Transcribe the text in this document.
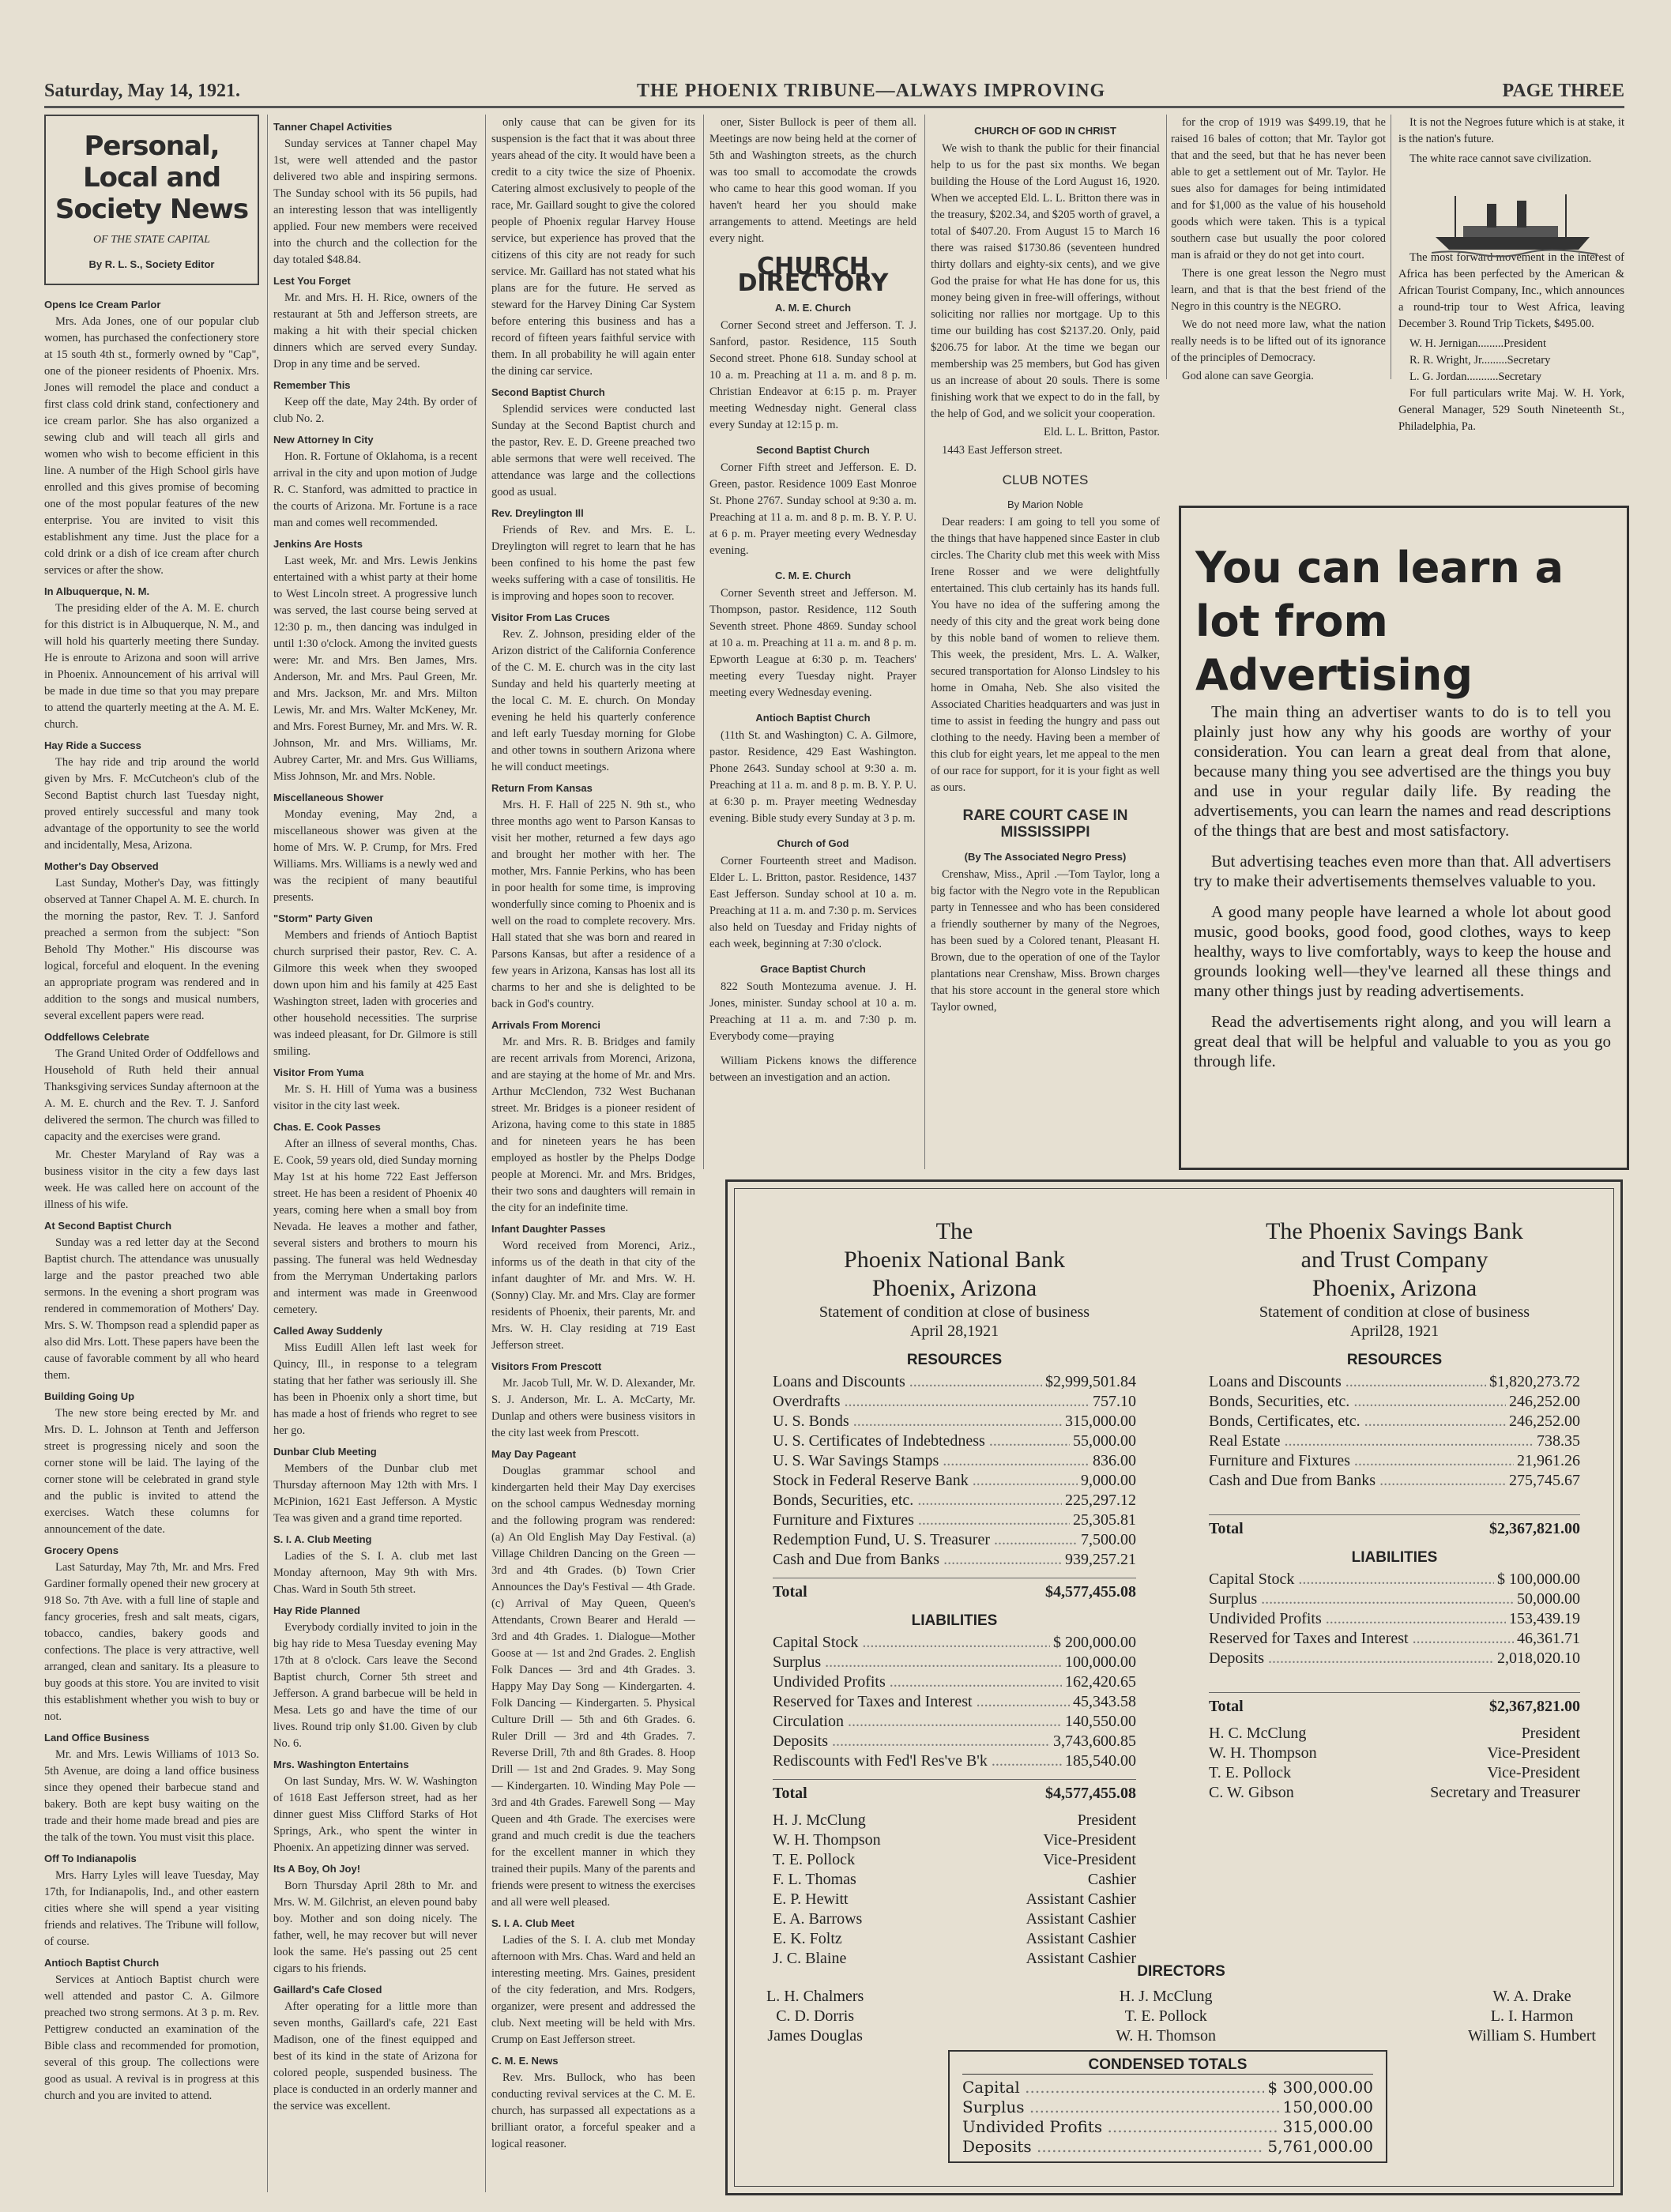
Saturday, May 14, 1921.	THE PHOENIX TRIBUNE—ALWAYS IMPROVING	PAGE THREE
Personal, Local and Society News
OF THE STATE CAPITAL
By R. L. S., Society Editor
Opens Ice Cream Parlor

Mrs. Ada Jones, one of our popular club women, has purchased the confectionery store at 15 south 4th st., formerly owned by "Cap", one of the pioneer residents of Phoenix. Mrs. Jones will remodel the place and conduct a first class cold drink stand, confectionery and ice cream parlor. She has also organized a sewing club and will teach all girls and women who wish to become efficient in this line. A number of the High School girls have enrolled and this gives promise of becoming one of the most popular features of the new enterprise. You are invited to visit this establishment any time. Just the place for a cold drink or a dish of ice cream after church services or after the show.

In Albuquerque, N. M.

The presiding elder of the A. M. E. church for this district is in Albuquerque, N. M., and will hold his quarterly meeting there Sunday. He is enroute to Arizona and soon will arrive in Phoenix. Announcement of his arrival will be made in due time so that you may prepare to attend the quarterly meeting at the A. M. E. church.

Hay Ride a Success

The hay ride and trip around the world given by Mrs. F. McCutcheon's club of the Second Baptist church last Tuesday night, proved entirely successful and many took advantage of the opportunity to see the world and incidentally, Mesa, Arizona.

Mother's Day Observed

Last Sunday, Mother's Day, was fittingly observed at Tanner Chapel A. M. E. church. In the morning the pastor, Rev. T. J. Sanford preached a sermon from the subject: "Son Behold Thy Mother." His discourse was logical, forceful and eloquent. In the evening an appropriate program was rendered and in addition to the songs and musical numbers, several excellent papers were read.

Oddfellows Celebrate

The Grand United Order of Oddfellows and Household of Ruth held their annual Thanksgiving services Sunday afternoon at the A. M. E. church and the Rev. T. J. Sanford delivered the sermon. The church was filled to capacity and the exercises were grand.

Mr. Chester Maryland of Ray was a business visitor in the city a few days last week. He was called here on account of the illness of his wife.

At Second Baptist Church

Sunday was a red letter day at the Second Baptist church. The attendance was unusually large and the pastor preached two able sermons. In the evening a short program was rendered in commemoration of Mothers' Day. Mrs. S. W. Thompson read a splendid paper as also did Mrs. Lott. These papers have been the cause of favorable comment by all who heard them.

Building Going Up

The new store being erected by Mr. and Mrs. D. L. Johnson at Tenth and Jefferson street is progressing nicely and soon the corner stone will be laid. The laying of the corner stone will be celebrated in grand style and the public is invited to attend the exercises. Watch these columns for announcement of the date.

Grocery Opens

Last Saturday, May 7th, Mr. and Mrs. Fred Gardiner formally opened their new grocery at 918 So. 7th Ave. with a full line of staple and fancy groceries, fresh and salt meats, cigars, tobacco, candies, bakery goods and confections. The place is very attractive, well arranged, clean and sanitary. Its a pleasure to buy goods at this store. You are invited to visit this establishment whether you wish to buy or not.

Land Office Business

Mr. and Mrs. Lewis Williams of 1013 So. 5th Avenue, are doing a land office business since they opened their barbecue stand and bakery. Both are kept busy waiting on the trade and their home made bread and pies are the talk of the town. You must visit this place.

Off To Indianapolis

Mrs. Harry Lyles will leave Tuesday, May 17th, for Indianapolis, Ind., and other eastern cities where she will spend a year visiting friends and relatives. The Tribune will follow, of course.

Antioch Baptist Church

Services at Antioch Baptist church were well attended and pastor C. A. Gilmore preached two strong sermons. At 3 p. m. Rev. Pettigrew conducted an examination of the Bible class and recommended for promotion, several of this group. The collections were good as usual. A revival is in progress at this church and you are invited to attend.

Tanner Chapel Activities

Sunday services at Tanner chapel May 1st, were well attended and the pastor delivered two able and inspiring sermons. The Sunday school with its 56 pupils, had an interesting lesson that was intelligently applied. Four new members were received into the church and the collection for the day totaled $48.84.

Lest You Forget

Mr. and Mrs. H. H. Rice, owners of the restaurant at 5th and Jefferson streets, are making a hit with their special chicken dinners which are served every Sunday. Drop in any time and be served.

Remember This

Keep off the date, May 24th. By order of club No. 2.

New Attorney In City

Hon. R. Fortune of Oklahoma, is a recent arrival in the city and upon motion of Judge R. C. Stanford, was admitted to practice in the courts of Arizona. Mr. Fortune is a race man and comes well recommended.

Jenkins Are Hosts

Last week, Mr. and Mrs. Lewis Jenkins entertained with a whist party at their home to West Lincoln street. A progressive lunch was served, the last course being served at 12:30 p. m., then dancing was indulged in until 1:30 o'clock. Among the invited guests were: Mr. and Mrs. Ben James, Mrs. Anderson, Mr. and Mrs. Paul Green, Mr. and Mrs. Jackson, Mr. and Mrs. Milton Lewis, Mr. and Mrs. Walter McKeney, Mr. and Mrs. Forest Burney, Mr. and Mrs. W. R. Johnson, Mr. and Mrs. Williams, Mr. Aubrey Carter, Mr. and Mrs. Gus Williams, Miss Johnson, Mr. and Mrs. Noble.

Miscellaneous Shower

Monday evening, May 2nd, a miscellaneous shower was given at the home of Mrs. W. P. Crump, for Mrs. Fred Williams. Mrs. Williams is a newly wed and was the recipient of many beautiful presents.

"Storm" Party Given

Members and friends of Antioch Baptist church surprised their pastor, Rev. C. A. Gilmore this week when they swooped down upon him and his family at 425 East Washington street, laden with groceries and other household necessities. The surprise was indeed pleasant, for Dr. Gilmore is still smiling.

Visitor From Yuma

Mr. S. H. Hill of Yuma was a business visitor in the city last week.

Chas. E. Cook Passes

After an illness of several months, Chas. E. Cook, 59 years old, died Sunday morning May 1st at his home 722 East Jefferson street. He has been a resident of Phoenix 40 years, coming here when a small boy from Nevada. He leaves a mother and father, several sisters and brothers to mourn his passing. The funeral was held Wednesday from the Merryman Undertaking parlors and interment was made in Greenwood cemetery.

Called Away Suddenly

Miss Eudill Allen left last week for Quincy, Ill., in response to a telegram stating that her father was seriously ill. She has been in Phoenix only a short time, but has made a host of friends who regret to see her go.

Dunbar Club Meeting

Members of the Dunbar club met Thursday afternoon May 12th with Mrs. I McPinion, 1621 East Jefferson. A Mystic Tea was given and a grand time reported.

S. I. A. Club Meeting

Ladies of the S. I. A. club met last Monday afternoon, May 9th with Mrs. Chas. Ward in South 5th street.

Hay Ride Planned

Everybody cordially invited to join in the big hay ride to Mesa Tuesday evening May 17th at 8 o'clock. Cars leave the Second Baptist church, Corner 5th street and Jefferson. A grand barbecue will be held in Mesa. Lets go and have the time of our lives. Round trip only $1.00. Given by club No. 6.

Mrs. Washington Entertains

On last Sunday, Mrs. W. W. Washington of 1618 East Jefferson street, had as her dinner guest Miss Clifford Starks of Hot Springs, Ark., who spent the winter in Phoenix. An appetizing dinner was served.

Its A Boy, Oh Joy!

Born Thursday April 28th to Mr. and Mrs. W. M. Gilchrist, an eleven pound baby boy. Mother and son doing nicely. The father, well, he may recover but will never look the same. He's passing out 25 cent cigars to his friends.

Gaillard's Cafe Closed

After operating for a little more than seven months, Gaillard's cafe, 221 East Madison, one of the finest equipped and best of its kind in the state of Arizona for colored people, suspended business. The place is conducted in an orderly manner and the service was excellent.

only cause that can be given for its suspension is the fact that it was about three years ahead of the city. It would have been a credit to a city twice the size of Phoenix. Catering almost exclusively to people of the race, Mr. Gaillard sought to give the colored people of Phoenix regular Harvey House service, but experience has proved that the citizens of this city are not ready for such service. Mr. Gaillard has not stated what his plans are for the future. He served as steward for the Harvey Dining Car System before entering this business and has a record of fifteen years faithful service with them. In all probability he will again enter the dining car service.

Second Baptist Church

Splendid services were conducted last Sunday at the Second Baptist church and the pastor, Rev. E. D. Greene preached two able sermons that were well received. The attendance was large and the collections good as usual.

Rev. Dreylington Ill

Friends of Rev. and Mrs. E. L. Dreylington will regret to learn that he has been confined to his home the past few weeks suffering with a case of tonsilitis. He is improving and hopes soon to recover.

Visitor From Las Cruces

Rev. Z. Johnson, presiding elder of the Arizon district of the California Conference of the C. M. E. church was in the city last Sunday and held his quarterly meeting at the local C. M. E. church. On Monday evening he held his quarterly conference and left early Tuesday morning for Globe and other towns in southern Arizona where he will conduct meetings.

Return From Kansas

Mrs. H. F. Hall of 225 N. 9th st., who three months ago went to Parson Kansas to visit her mother, returned a few days ago and brought her mother with her. The mother, Mrs. Fannie Perkins, who has been in poor health for some time, is improving wonderfully since coming to Phoenix and is well on the road to complete recovery. Mrs. Hall stated that she was born and reared in Parsons Kansas, but after a residence of a few years in Arizona, Kansas has lost all its charms to her and she is delighted to be back in God's country.

Arrivals From Morenci

Mr. and Mrs. R. B. Bridges and family are recent arrivals from Morenci, Arizona, and are staying at the home of Mr. and Mrs. Arthur McClendon, 732 West Buchanan street. Mr. Bridges is a pioneer resident of Arizona, having come to this state in 1885 and for nineteen years he has been employed as hostler by the Phelps Dodge people at Morenci. Mr. and Mrs. Bridges, their two sons and daughters will remain in the city for an indefinite time.

Infant Daughter Passes

Word received from Morenci, Ariz., informs us of the death in that city of the infant daughter of Mr. and Mrs. W. H. (Sonny) Clay. Mr. and Mrs. Clay are former residents of Phoenix, their parents, Mr. and Mrs. W. H. Clay residing at 719 East Jefferson street.

Visitors From Prescott

Mr. Jacob Tull, Mr. W. D. Alexander, Mr. S. J. Anderson, Mr. L. A. McCarty, Mr. Dunlap and others were business visitors in the city last week from Prescott.

May Day Pageant

Douglas grammar school and kindergarten held their May Day exercises on the school campus Wednesday morning and the following program was rendered: (a) An Old English May Day Festival. (a) Village Children Dancing on the Green — 3rd and 4th Grades. (b) Town Crier Announces the Day's Festival — 4th Grade. (c) Arrival of May Queen, Queen's Attendants, Crown Bearer and Herald — 3rd and 4th Grades. 1. Dialogue—Mother Goose at — 1st and 2nd Grades. 2. English Folk Dances — 3rd and 4th Grades. 3. Happy May Day Song — Kindergarten. 4. Folk Dancing — Kindergarten. 5. Physical Culture Drill — 5th and 6th Grades. 6. Ruler Drill — 3rd and 4th Grades. 7. Reverse Drill, 7th and 8th Grades. 8. Hoop Drill — 1st and 2nd Grades. 9. May Song — Kindergarten. 10. Winding May Pole — 3rd and 4th Grades. Farewell Song — May Queen and 4th Grade. The exercises were grand and much credit is due the teachers for the excellent manner in which they trained their pupils. Many of the parents and friends were present to witness the exercises and all were well pleased.

S. I. A. Club Meet

Ladies of the S. I. A. club met Monday afternoon with Mrs. Chas. Ward and held an interesting meeting. Mrs. Gaines, president of the city federation, and Mrs. Rodgers, organizer, were present and addressed the club. Next meeting will be held with Mrs. Crump on East Jefferson street.

C. M. E. News

Rev. Mrs. Bullock, who has been conducting revival services at the C. M. E. church, has surpassed all expectations as a brilliant orator, a forceful speaker and a logical reasoner.

oner, Sister Bullock is peer of them all. Meetings are now being held at the corner of 5th and Washington streets, as the church was too small to accomodate the crowds who came to hear this good woman. If you haven't heard her you should make arrangements to attend. Meetings are held every night.

CHURCH DIRECTORY
A. M. E. Church

Corner Second street and Jefferson. T. J. Sanford, pastor. Residence, 115 South Second street. Phone 618. Sunday school at 10 a. m. Preaching at 11 a. m. and 8 p. m. Christian Endeavor at 6:15 p. m. Prayer meeting Wednesday night. General class every Sunday at 12:15 p. m.

Second Baptist Church

Corner Fifth street and Jefferson. E. D. Green, pastor. Residence 1009 East Monroe St. Phone 2767. Sunday school at 9:30 a. m. Preaching at 11 a. m. and 8 p. m. B. Y. P. U. at 6 p. m. Prayer meeting every Wednesday evening.

C. M. E. Church

Corner Seventh street and Jefferson. M. Thompson, pastor. Residence, 112 South Seventh street. Phone 4869. Sunday school at 10 a. m. Preaching at 11 a. m. and 8 p. m. Epworth League at 6:30 p. m. Teachers' meeting every Tuesday night. Prayer meeting every Wednesday evening.

Antioch Baptist Church

(11th St. and Washington) C. A. Gilmore, pastor. Residence, 429 East Washington. Phone 2643. Sunday school at 9:30 a. m. Preaching at 11 a. m. and 8 p. m. B. Y. P. U. at 6:30 p. m. Prayer meeting Wednesday evening. Bible study every Sunday at 3 p. m.

Church of God

Corner Fourteenth street and Madison. Elder L. L. Britton, pastor. Residence, 1437 East Jefferson. Sunday school at 10 a. m. Preaching at 11 a. m. and 7:30 p. m. Services also held on Tuesday and Friday nights of each week, beginning at 7:30 o'clock.

Grace Baptist Church

822 South Montezuma avenue. J. H. Jones, minister. Sunday school at 10 a. m. Preaching at 11 a. m. and 7:30 p. m. Everybody come—praying

William Pickens knows the difference between an investigation and an action.

CHURCH OF GOD IN CHRIST

We wish to thank the public for their financial help to us for the past six months. We began building the House of the Lord August 16, 1920. When we accepted Eld. L. L. Britton there was in the treasury, $202.34, and $205 worth of gravel, a total of $407.20. From August 15 to March 16 there was raised $1730.86 (seventeen hundred thirty dollars and eighty-six cents), and we give God the praise for what He has done for us, this money being given in free-will offerings, without soliciting nor rallies nor mortgage. Up to this time our building has cost $2137.20. Only, paid $206.75 for labor. At the time we began our membership was 25 members, but God has given us an increase of about 20 souls. There is some finishing work that we expect to do in the fall, by the help of God, and we solicit your cooperation.

Eld. L. L. Britton, Pastor.

1443 East Jefferson street.

CLUB NOTES
By Marion Noble

Dear readers: I am going to tell you some of the things that have happened since Easter in club circles. The Charity club met this week with Miss Irene Rosser and we were delightfully entertained. This club certainly has its hands full. You have no idea of the suffering among the needy of this city and the great work being done by this noble band of women to relieve them. This week, the president, Mrs. L. A. Walker, secured transportation for Alonso Lindsley to his home in Omaha, Neb. She also visited the Associated Charities headquarters and was just in time to assist in feeding the hungry and pass out clothing to the needy. Having been a member of this club for eight years, let me appeal to the men of our race for support, for it is your fight as well as ours.

RARE COURT CASE IN MISSISSIPPI
(By The Associated Negro Press)

Crenshaw, Miss., April .—Tom Taylor, long a big factor with the Negro vote in the Republican party in Tennessee and who has been considered a friendly southerner by many of the Negroes, has been sued by a Colored tenant, Pleasant H. Brown, due to the operation of one of the Taylor plantations near Crenshaw, Miss. Brown charges that his store account in the general store which Taylor owned,

for the crop of 1919 was $499.19, that he raised 16 bales of cotton; that Mr. Taylor got that and the seed, but that he has never been able to get a settlement out of Mr. Taylor. He sues also for damages for being intimidated and for $1,000 as the value of his household goods which were taken. This is a typical southern case but usually the poor colored man is afraid or they do not get into court.

There is one great lesson the Negro must learn, and that is that the best friend of the Negro in this country is the NEGRO.

We do not need more law, what the nation really needs is to be lifted out of its ignorance of the principles of Democracy.

God alone can save Georgia.

It is not the Negroes future which is at stake, it is the nation's future.

The white race cannot save civilization.

The most forward movement in the interest of Africa has been perfected by the American & African Tourist Company, Inc., which announces a round-trip tour to West Africa, leaving December 3. Round Trip Tickets, $495.00.

W. H. Jernigan.........President
R. R. Wright, Jr.........Secretary
L. G. Jordan...........Secretary

For full particulars write Maj. W. H. York, General Manager, 529 South Nineteenth St., Philadelphia, Pa.

You can learn a lot from Advertising

The main thing an advertiser wants to do is to tell you plainly just how any why his goods are worthy of your consideration. You can learn a great deal from that alone, because many thing you see advertised are the things you buy and use in your regular daily life. By reading the advertisements, you can learn the names and read descriptions of the things that are best and most satisfactory.

But advertising teaches even more than that. All advertisers try to make their advertisements themselves valuable to you.

A good many people have learned a whole lot about good music, good books, good food, good clothes, ways to keep healthy, ways to live comfortably, ways to keep the house and grounds looking well—they've learned all these things and many other things just by reading advertisements.

Read the advertisements right along, and you will learn a great deal that will be helpful and valuable to you as you go through life.

The
Phoenix National Bank
Phoenix, Arizona
Statement of condition at close of business
April 28,1921
RESOURCES
Loans and Discounts .....	$2,999,501.84
Overdrafts .....	757.10
U. S. Bonds .....	315,000.00
U. S. Certificates of Indebtedness .....	55,000.00
U. S. War Savings Stamps .....	836.00
Stock in Federal Reserve Bank .....	9,000.00
Bonds, Securities, etc. .....	225,297.12
Furniture and Fixtures .....	25,305.81
Redemption Fund, U. S. Treasurer .....	7,500.00
Cash and Due from Banks .....	939,257.21
Total	$4,577,455.08
LIABILITIES
Capital Stock .....	$ 200,000.00
Surplus .....	100,000.00
Undivided Profits .....	162,420.65
Reserved for Taxes and Interest .....	45,343.58
Circulation .....	140,550.00
Deposits .....	3,743,600.85
Rediscounts with Fed'l Res've B'k .....	185,540.00
Total	$4,577,455.08
H. J. McClung	President
W. H. Thompson	Vice-President
T. E. Pollock	Vice-President
F. L. Thomas	Cashier
E. P. Hewitt	Assistant Cashier
E. A. Barrows	Assistant Cashier
E. K. Foltz	Assistant Cashier
J. C. Blaine	Assistant Cashier
The Phoenix Savings Bank
and Trust Company
Phoenix, Arizona
Statement of condition at close of business
April28, 1921
RESOURCES
Loans and Discounts .....	$1,820,273.72
Bonds, Securities, etc. .....	246,252.00
Bonds, Certificates, etc. .....	246,252.00
Real Estate .....	738.35
Furniture and Fixtures .....	21,961.26
Cash and Due from Banks .....	275,745.67
Total	$2,367,821.00
LIABILITIES
Capital Stock .....	$ 100,000.00
Surplus .....	50,000.00
Undivided Profits .....	153,439.19
Reserved for Taxes and Interest .....	46,361.71
Deposits .....	2,018,020.10
Total	$2,367,821.00
H. C. McClung	President
W. H. Thompson	Vice-President
T. E. Pollock	Vice-President
C. W. Gibson	Secretary and Treasurer
DIRECTORS
L. H. Chalmers
C. D. Dorris
James Douglas
H. J. McClung
T. E. Pollock
W. H. Thomson
W. A. Drake
L. I. Harmon
William S. Humbert
CONDENSED TOTALS
Capital .....	$ 300,000.00
Surplus .....	150,000.00
Undivided Profits .....	315,000.00
Deposits .....	5,761,000.00
